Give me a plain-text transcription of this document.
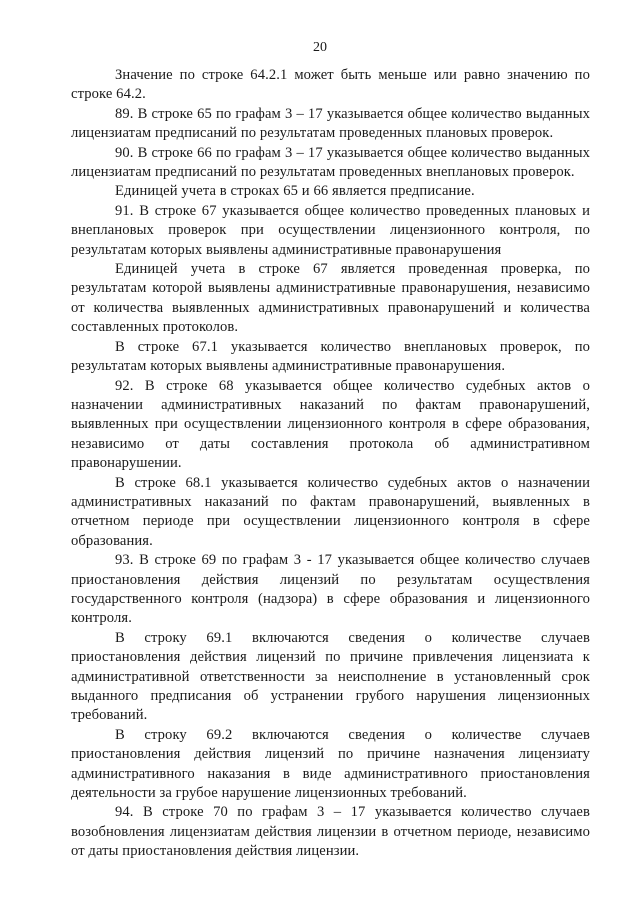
20

Значение по строке 64.2.1 может быть меньше или равно значению по строке 64.2.

89. В строке 65 по графам 3 – 17 указывается общее количество выданных лицензиатам предписаний по результатам проведенных плановых проверок.

90. В строке 66 по графам 3 – 17 указывается общее количество выданных лицензиатам предписаний по результатам проведенных внеплановых проверок.

Единицей учета в строках 65 и 66 является предписание.

91. В строке 67 указывается общее количество проведенных плановых и внеплановых проверок при осуществлении лицензионного контроля, по результатам которых выявлены административные правонарушения

Единицей учета в строке 67 является проведенная проверка, по результатам которой выявлены административные правонарушения, независимо от количества выявленных административных правонарушений и количества составленных протоколов.

В строке 67.1 указывается количество внеплановых проверок, по результатам которых выявлены административные правонарушения.

92. В строке 68 указывается общее количество судебных актов о назначении административных наказаний по фактам правонарушений, выявленных при осуществлении лицензионного контроля в сфере образования, независимо от даты составления протокола об административном правонарушении.

В строке 68.1 указывается количество судебных актов о назначении административных наказаний по фактам правонарушений, выявленных в отчетном периоде при осуществлении лицензионного контроля в сфере образования.

93. В строке 69 по графам 3 - 17 указывается общее количество случаев приостановления действия лицензий по результатам осуществления государственного контроля (надзора) в сфере образования и лицензионного контроля.

В строку 69.1 включаются сведения о количестве случаев приостановления действия лицензий по причине привлечения лицензиата к административной ответственности за неисполнение в установленный срок выданного предписания об устранении грубого нарушения лицензионных требований.

В строку 69.2 включаются сведения о количестве случаев приостановления действия лицензий по причине назначения лицензиату административного наказания в виде административного приостановления деятельности за грубое нарушение лицензионных требований.

94. В строке 70 по графам 3 – 17 указывается количество случаев возобновления лицензиатам действия лицензии в отчетном периоде, независимо от даты приостановления действия лицензии.
